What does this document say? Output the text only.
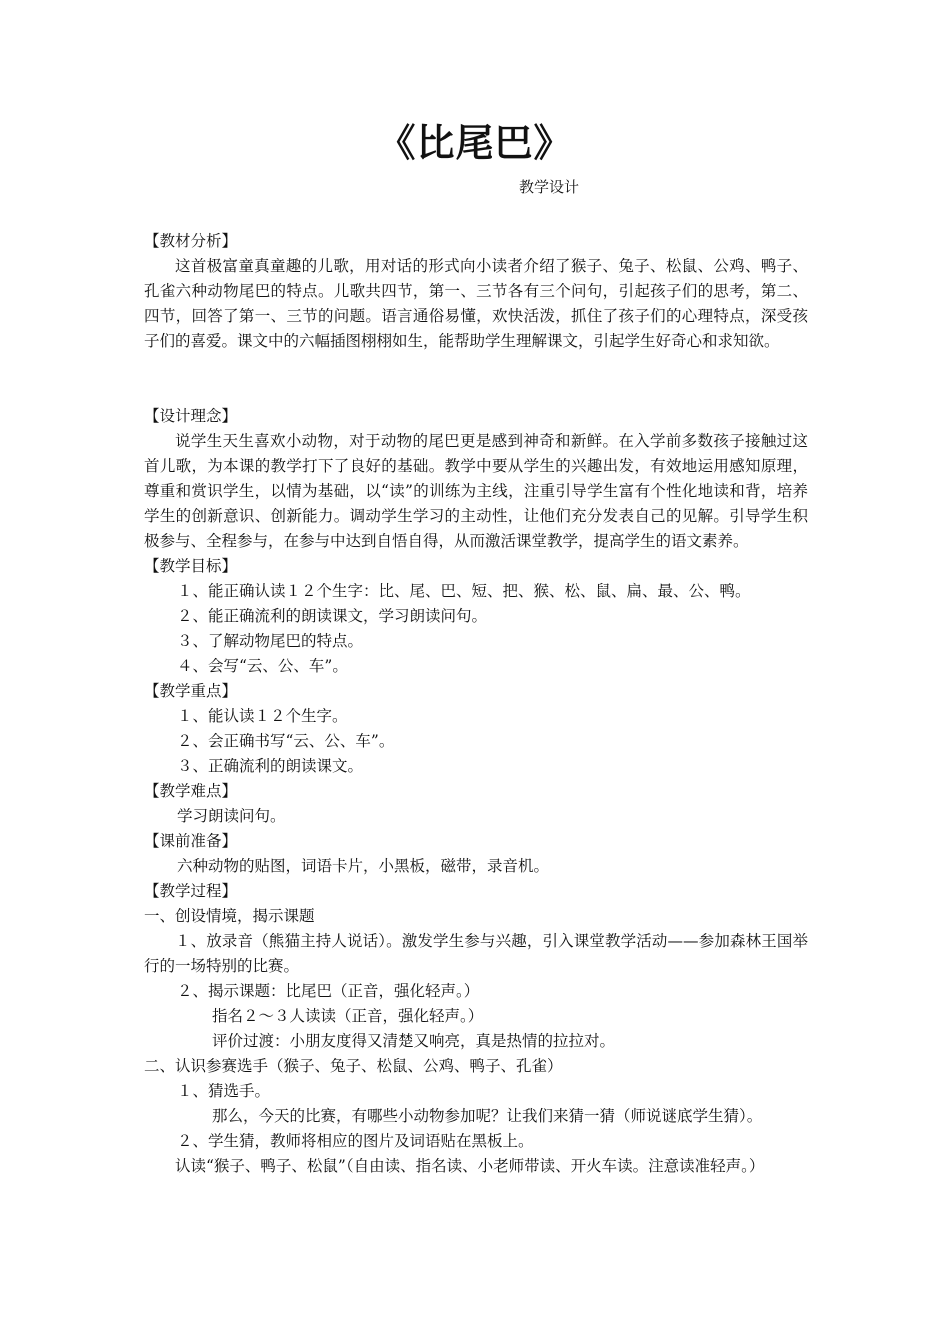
《比尾巴》
教学设计
【教材分析】
这首极富童真童趣的儿歌，用对话的形式向小读者介绍了猴子、兔子、松鼠、公鸡、鸭子、孔雀六种动物尾巴的特点。儿歌共四节，第一、三节各有三个问句，引起孩子们的思考，第二、四节，回答了第一、三节的问题。语言通俗易懂，欢快活泼，抓住了孩子们的心理特点，深受孩子们的喜爱。课文中的六幅插图栩栩如生，能帮助学生理解课文，引起学生好奇心和求知欲。
【设计理念】
说学生天生喜欢小动物，对于动物的尾巴更是感到神奇和新鲜。在入学前多数孩子接触过这首儿歌，为本课的教学打下了良好的基础。教学中要从学生的兴趣出发，有效地运用感知原理，尊重和赏识学生，以情为基础，以“读”的训练为主线，注重引导学生富有个性化地读和背，培养学生的创新意识、创新能力。调动学生学习的主动性，让他们充分发表自己的见解。引导学生积极参与、全程参与，在参与中达到自悟自得，从而激活课堂教学，提高学生的语文素养。
【教学目标】
１、能正确认读１２个生字：比、尾、巴、短、把、猴、松、鼠、扁、最、公、鸭。
２、能正确流利的朗读课文，学习朗读问句。
３、了解动物尾巴的特点。
４、会写“云、公、车”。
【教学重点】
１、能认读１２个生字。
２、会正确书写“云、公、车”。
３、正确流利的朗读课文。
【教学难点】
学习朗读问句。
【课前准备】
六种动物的贴图，词语卡片，小黑板，磁带，录音机。
【教学过程】
一、创设情境，揭示课题
１、放录音（熊猫主持人说话）。激发学生参与兴趣，引入课堂教学活动——参加森林王国举行的一场特别的比赛。
２、揭示课题：比尾巴（正音，强化轻声。）
指名２～３人读读（正音，强化轻声。）
评价过渡：小朋友度得又清楚又响亮，真是热情的拉拉对。
二、认识参赛选手（猴子、兔子、松鼠、公鸡、鸭子、孔雀）
１、猜选手。
那么，今天的比赛，有哪些小动物参加呢？让我们来猜一猜（师说谜底学生猜）。
２、学生猜，教师将相应的图片及词语贴在黑板上。
认读“猴子、鸭子、松鼠”（自由读、指名读、小老师带读、开火车读。注意读准轻声。）
